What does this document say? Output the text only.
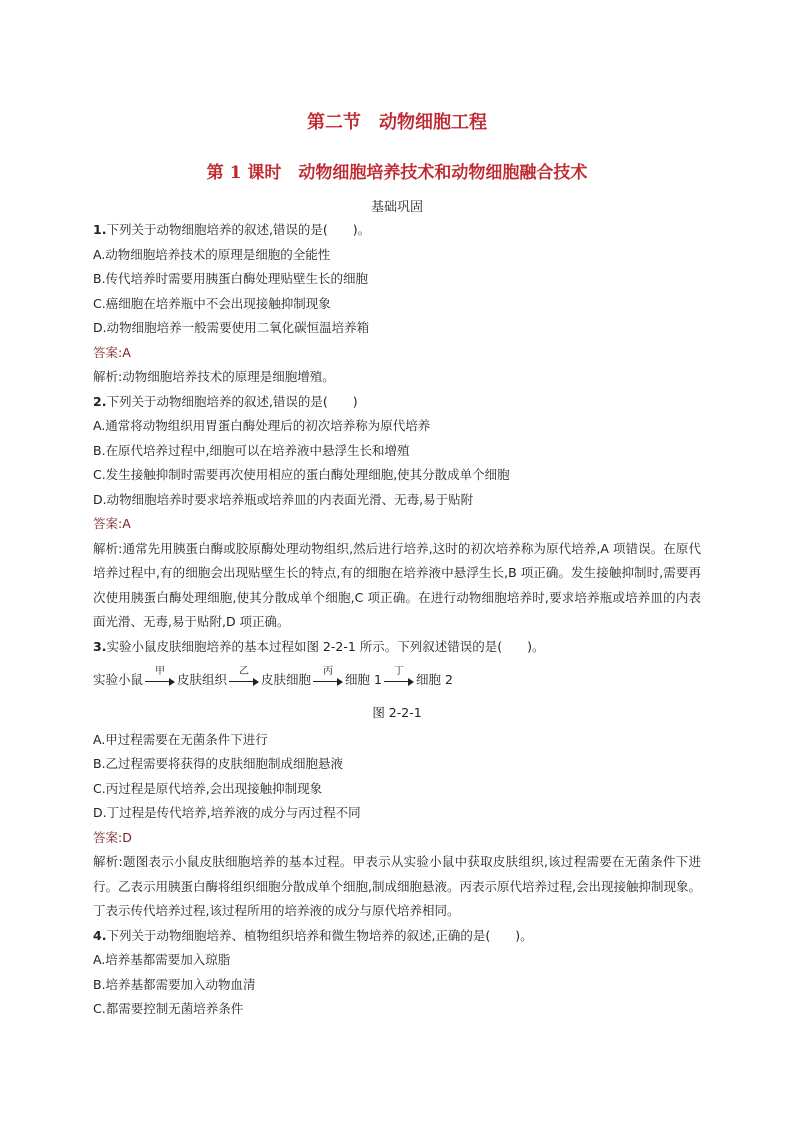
第二节　动物细胞工程
第 1 课时　动物细胞培养技术和动物细胞融合技术
基础巩固
1.下列关于动物细胞培养的叙述,错误的是(　　)。
A.动物细胞培养技术的原理是细胞的全能性
B.传代培养时需要用胰蛋白酶处理贴壁生长的细胞
C.癌细胞在培养瓶中不会出现接触抑制现象
D.动物细胞培养一般需要使用二氧化碳恒温培养箱
答案:A
解析:动物细胞培养技术的原理是细胞增殖。
2.下列关于动物细胞培养的叙述,错误的是(　　)
A.通常将动物组织用胃蛋白酶处理后的初次培养称为原代培养
B.在原代培养过程中,细胞可以在培养液中悬浮生长和增殖
C.发生接触抑制时需要再次使用相应的蛋白酶处理细胞,使其分散成单个细胞
D.动物细胞培养时要求培养瓶或培养皿的内表面光滑、无毒,易于贴附
答案:A
解析:通常先用胰蛋白酶或胶原酶处理动物组织,然后进行培养,这时的初次培养称为原代培养,A 项错误。在原代培养过程中,有的细胞会出现贴壁生长的特点,有的细胞在培养液中悬浮生长,B 项正确。发生接触抑制时,需要再次使用胰蛋白酶处理细胞,使其分散成单个细胞,C 项正确。在进行动物细胞培养时,要求培养瓶或培养皿的内表面光滑、无毒,易于贴附,D 项正确。
3.实验小鼠皮肤细胞培养的基本过程如图 2-2-1 所示。下列叙述错误的是(　　)。
实验小鼠
甲
皮肤组织
乙
皮肤细胞
丙
细胞 1
丁
细胞 2
图 2-2-1
A.甲过程需要在无菌条件下进行
B.乙过程需要将获得的皮肤细胞制成细胞悬液
C.丙过程是原代培养,会出现接触抑制现象
D.丁过程是传代培养,培养液的成分与丙过程不同
答案:D
解析:题图表示小鼠皮肤细胞培养的基本过程。甲表示从实验小鼠中获取皮肤组织,该过程需要在无菌条件下进行。乙表示用胰蛋白酶将组织细胞分散成单个细胞,制成细胞悬液。丙表示原代培养过程,会出现接触抑制现象。丁表示传代培养过程,该过程所用的培养液的成分与原代培养相同。
4.下列关于动物细胞培养、植物组织培养和微生物培养的叙述,正确的是(　　)。
A.培养基都需要加入琼脂
B.培养基都需要加入动物血清
C.都需要控制无菌培养条件
